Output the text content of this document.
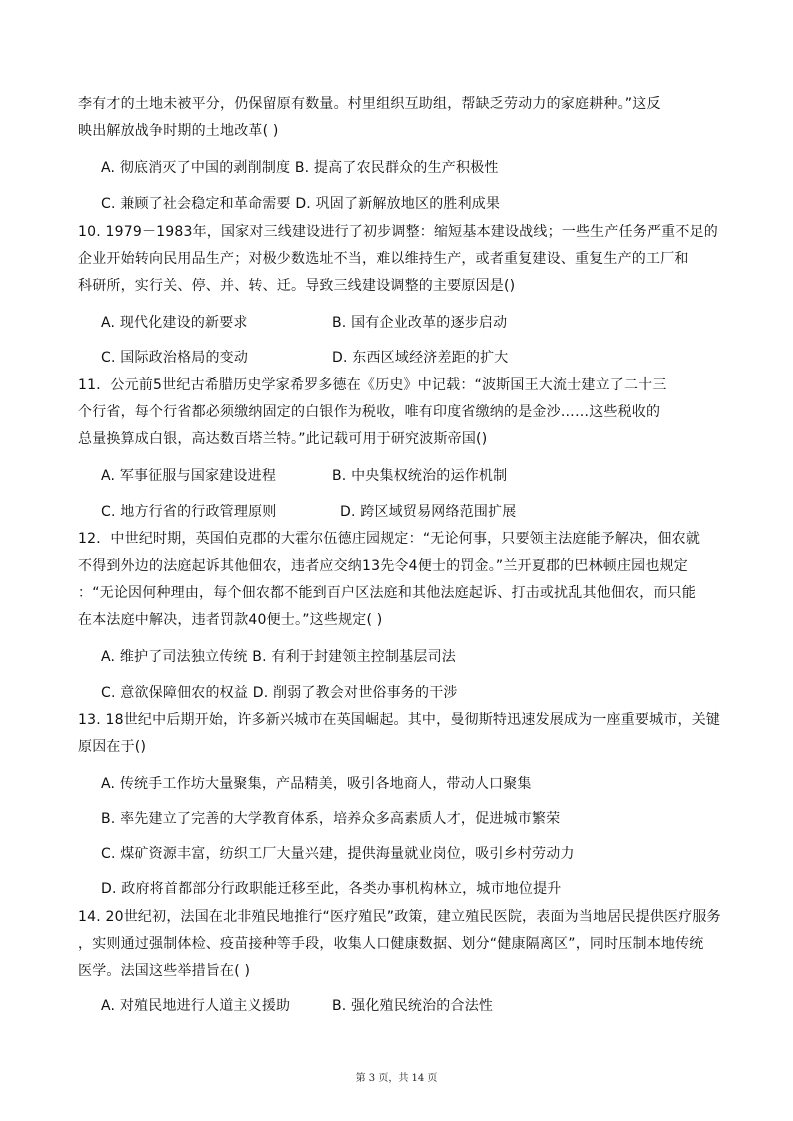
李有才的土地未被平分，仍保留原有数量。村里组织互助组，帮缺乏劳动力的家庭耕种。”这反
映出解放战争时期的土地改革( )
A. 彻底消灭了中国的剥削制度 B. 提高了农民群众的生产积极性
C. 兼顾了社会稳定和革命需要 D. 巩固了新解放地区的胜利成果
10. 1979－1983年，国家对三线建设进行了初步调整：缩短基本建设战线；一些生产任务严重不足的
企业开始转向民用品生产；对极少数选址不当，难以维持生产，或者重复建设、重复生产的工厂和
科研所，实行关、停、并、转、迁。导致三线建设调整的主要原因是()
A. 现代化建设的新要求	B. 国有企业改革的逐步启动
C. 国际政治格局的变动	D. 东西区域经济差距的扩大
11．公元前5世纪古希腊历史学家希罗多德在《历史》中记载：“波斯国王大流士建立了二十三
个行省，每个行省都必须缴纳固定的白银作为税收，唯有印度省缴纳的是金沙……这些税收的
总量换算成白银，高达数百塔兰特。”此记载可用于研究波斯帝国()
A. 军事征服与国家建设进程	B. 中央集权统治的运作机制
C. 地方行省的行政管理原则	D. 跨区域贸易网络范围扩展
12．中世纪时期，英国伯克郡的大霍尔伍德庄园规定：“无论何事，只要领主法庭能予解决，佃农就
不得到外边的法庭起诉其他佃农，违者应交纳13先令4便士的罚金。”兰开夏郡的巴林顿庄园也规定
：“无论因何种理由，每个佃农都不能到百户区法庭和其他法庭起诉、打击或扰乱其他佃农，而只能
在本法庭中解决，违者罚款40便士。”这些规定( )
A. 维护了司法独立传统 B. 有利于封建领主控制基层司法
C. 意欲保障佃农的权益 D. 削弱了教会对世俗事务的干涉
13. 18世纪中后期开始，许多新兴城市在英国崛起。其中，曼彻斯特迅速发展成为一座重要城市，关键
原因在于()
A. 传统手工作坊大量聚集，产品精美，吸引各地商人，带动人口聚集
B. 率先建立了完善的大学教育体系，培养众多高素质人才，促进城市繁荣
C. 煤矿资源丰富，纺织工厂大量兴建，提供海量就业岗位，吸引乡村劳动力
D. 政府将首都部分行政职能迁移至此，各类办事机构林立，城市地位提升
14. 20世纪初，法国在北非殖民地推行“医疗殖民”政策，建立殖民医院，表面为当地居民提供医疗服务
，实则通过强制体检、疫苗接种等手段，收集人口健康数据、划分“健康隔离区”，同时压制本地传统
医学。法国这些举措旨在( )
A. 对殖民地进行人道主义援助	B. 强化殖民统治的合法性
第 3 页，共 14 页
